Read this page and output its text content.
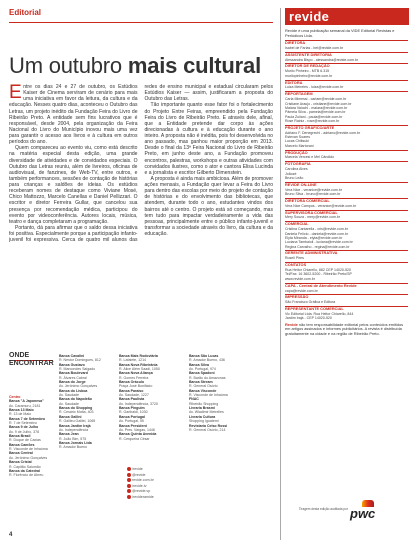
Editorial
Um outubro mais cultural

Entre os dias 24 e 27 de outubro, os Estúdios Kaiser de Cinema serviram de cenário para mais uma iniciativa em favor da leitura, da cultura e da educação. Nesses quatro dias, aconteceu o Outubro das Letras, um projeto inédito da Fundação Feira do Livro de Ribeirão Preto. A entidade sem fins lucrativos que é responsável, desde 2004, pela organização da Feira Nacional do Livro do Município inovou mais uma vez para garantir o acesso aos livros e à cultura em outros períodos do ano.

Quem compareceu ao evento viu, como está descrito na matéria especial desta edição, uma grande diversidade de atividades e de convidados especiais. O Outubro das Letras reuniu, além de livreiros, oficinas de audiovisual, de fanzines, de Web-TV, entre outros, e também performances, sessões de contação de histórias para crianças e saldões de ideias. Os estúdios receberam nomes de destaque como Viviane Mosé, Chico Mattozzo, Marcelo Canellas e Daniel Pellizzari. O escritor e diretor Ferreira Gullar, que cancelou sua presença por recomendação médica, participou do evento por videoconferência. Autores locais, música, teatro e dança completaram a programação.

Portanto, dá para afirmar que o saldo dessa iniciativa foi positiva. Especialmente porque a participação infanto-juvenil foi expressiva. Cerca de quatro mil alunos das redes de ensino municipal e estadual circularam pelos Estúdios Kaiser — assim, justificaram a proposta do Outubro das Letras.

Tão importante quanto esse fator foi o fortalecimento do Projeto Entre Feiras, empreendido pela Fundação Feira do Livro de Ribeirão Preto. E através dele, afinal, que a Entidade pretende dar corpo às ações direcionadas à cultura e à educação durante o ano inteiro. A proposta não é inédita, pois foi desenvolvida no ano passado, mas ganhou maior proporção em 2013. Desde o final da 13ª Feira Nacional do Livro de Ribeirão Preto, em junho deste ano, a Fundação promoveu encontros, palestras, workshops e outras atividades com convidados ilustres, como o ator e cantora Elisa Lucinda e a jornalista e escritor Gilberto Dimenstein.

A proposta é ainda mais ambiciosa. Além de promover ações mensais, a Fundação quer levar a Feira do Livro para dentro das escolas por meio do projeto de contação de histórias e do envolvimento das bibliotecas, que atendem, durante todo o ano, estudantes vindos dos bairros até o centro. O projeto está só começando, mas tem tudo para impactar verdadeiramente a vida das pessoas, principalmente entre o público infanto-juvenil e transformar a sociedade através do livro, da cultura e da educação.

ONDE
ENCONTRAR
Centro
Banca "A Japonesa"
Av. Caramuru, 2181
Banca 13 Maio
R. 13 de Maio
Banca 7 de Setembro
R. 7 de Setembro
Banca 9 de Julho
Av. 9 de Julho, 378
Banca Brasil
R. Duque de Caxias
Banca Camões
R. Visconde de Inhaúma
Banca Central
Av. Jerônimo Gonçalves
Banca Cristal
R. Capitão Salomão
Banca da Catedral
R. Florêncio de Abreu
Banca Cavalini
R. Nestor Domingues, 812
Banca Gustavo
R. Marcondes Salgado
Banca Boulevard
R. Álvares Cabral
Banca do Jorge
Av. Jerônimo Gonçalves
Banca do Lisboa
Av. Saudade
Banca do Napoleão
Av. Saudade
Banca do Shopping
R. Cesário Motta, 403
Banca Gallini
R. Galileu Galilei, 1065
Banca Jardim Irajá
Av. Independência
Banca Jean
R. João Bim, 575
Banca Jornais Ltda
R. Amador Bueno
Banca Mais Rodoviária
R. Lafaiete, 1214
Banca Nova Ribeirânia
R. Alice Além Saadi, 1050
Banca Nova Aliança
R. Gomes Ferreira
Banca Oráculo
Praça José Bonifácio
Banca Paraíso
Av. Saudade, 1227
Banca Paulista
Av. Independência, 3720
Banca Pinguim
R. Garibaldi, 1030
Banca Portugal
Av. Portugal, 55
Banca President
Av. Pres. Vargas, 1446
Banca Quinta Avenida
R. Cerqueira César
Banca São Lucas
R. Amador Bueno, 436
Banca Silva
Av. Portugal, 974
Banca Spadoni
R. Barão do Amazonas
Banca Stream
R. General Osório
Banca Visconde
R. Visconde de Inhaúma
FNAC
Ribeirão Shopping
Livraria Brasmi
Av. Wladimir Meirelles
Livraria Cultura
Shopping Iguatemi
Revistaria Celso Rossi
R. General Osório, 214
revide
Revide é uma publicação semanal da VIDE Editorial Revistas e Periódicos Ltda.
DIRETORA
Isabel de Farias - bel@revide.com.br
ASSISTENTE DIRETORIA
Alessandra Bispo - alessandra@revide.com.br
DIRETOR DE REDAÇÃO
Murilo Pinheiro - MTB 6.315
murilopinheiro@revide.com.br
EDITORA
Luiza Meireles - luiza@revide.com.br
REPORTAGEM
Carla Mimessi - carlam@revide.com.br
Cristiane Araujo - cristiane@revide.com.br
Maiara Valochi - maiara@revide.com.br
Pâmela Silva - pamela@revide.com.br
Paula Zuliani - paula@revide.com.br
Rose Rainiz - rose@revide.com.br
PROJETO GRÁFICO/ARTE
Adriano F. Denegrechi - adriano@revide.com.br
Estevan Soares
Lucas Chiitsuki
Marcelo Martorani
PRODUÇÃO
Marcela Vercesi e Mel Cândido
FOTOGRAFIA
Carolina Alves
Joãozé
Bruno Leão
REVIDE ON-LINE
Vera Nice - veranice@revide.com.br
Bruno Silva - bruno@revide.com.br
DIRETORA COMERCIAL
Vera Nice Campos - veranice@revide.com.br
SUPERVISORA COMERCIAL
Mery Souza - mery@revide.com.br
COMERCIAL
Cristina Cantarella - cris@revide.com.br
Daniela Felício - daniela@revide.com.br
Elyta Miranda - elyta@revide.com.br
Luciana Tambaloli - luciana@revide.com.br
Regina Carvalho - regina@revide.com.br
GERENTE ADMINISTRATIVA
Roseli Pires
CONTATOS
Rua Heitor Chiarello, 882 CEP 14020-520
Tel/Fax: 16 3602-5200 - Ribeirão Preto/SP
www.revide.com.br
CAPA - Central de Atendimento Revide
capa@revide.com.br
IMPRESSÃO
São Francisco Gráfica e Editora
REPRESENTANTE COMERCIAL
Vic Editorial Ltda. Rua Heitor Chiarello, 844
Jardim Irajá - CEP 14020-520
Revide não tem responsabilidade editorial pelos conteúdos emitidos em artigos assinados e informes publicitários. A revista é distribuída gratuitamente na cidade e na região de Ribeirão Preto.
/revide
@revide
revide.com.br
/revide.tv
@revide.vp
/revideramide
Tiragem desta edição auditada por pwc
4
